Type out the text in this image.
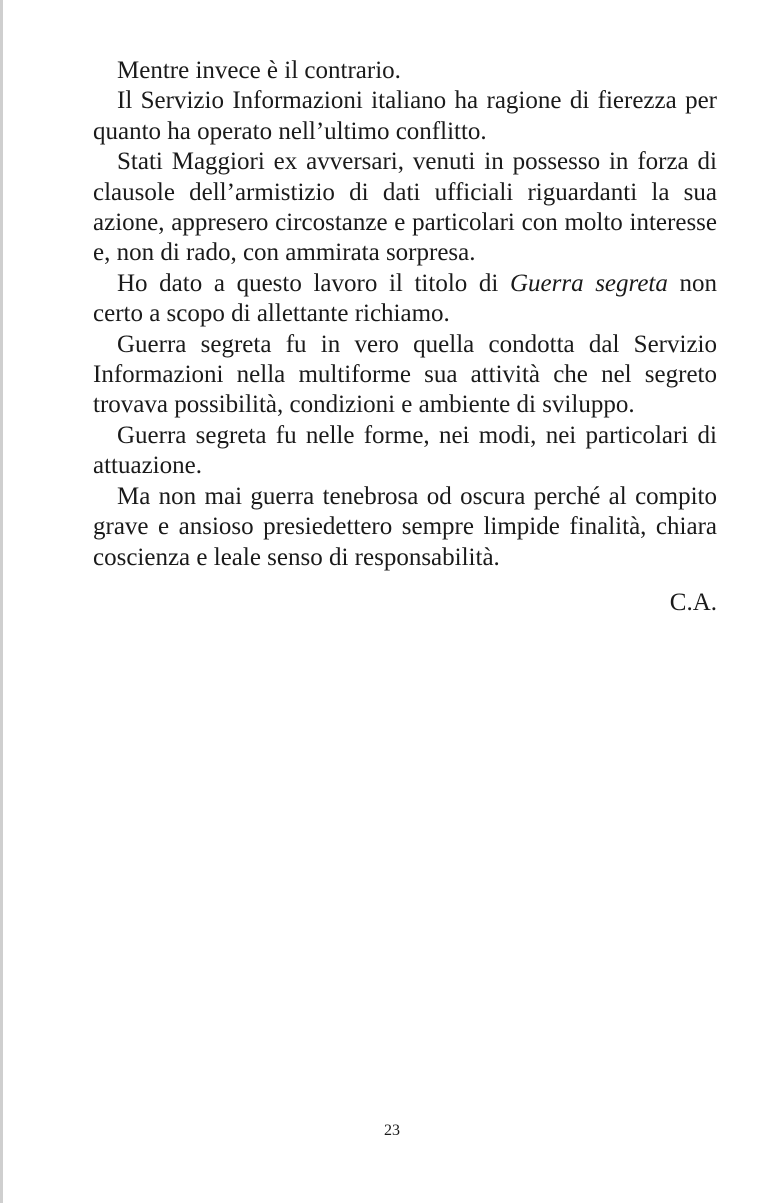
Mentre invece è il contrario.

Il Servizio Informazioni italiano ha ragione di fierezza per quanto ha operato nell’ultimo conflitto.

Stati Maggiori ex avversari, venuti in possesso in forza di clausole dell’armistizio di dati ufficiali riguardanti la sua azione, appresero circostanze e particolari con molto interesse e, non di rado, con ammirata sorpresa.

Ho dato a questo lavoro il titolo di Guerra segreta non certo a scopo di allettante richiamo.

Guerra segreta fu in vero quella condotta dal Servizio Informazioni nella multiforme sua attività che nel segreto trovava possibilità, condizioni e ambiente di sviluppo.

Guerra segreta fu nelle forme, nei modi, nei particolari di attuazione.

Ma non mai guerra tenebrosa od oscura perché al compito grave e ansioso presiedettero sempre limpide finalità, chiara coscienza e leale senso di responsabilità.

C.A.
23
